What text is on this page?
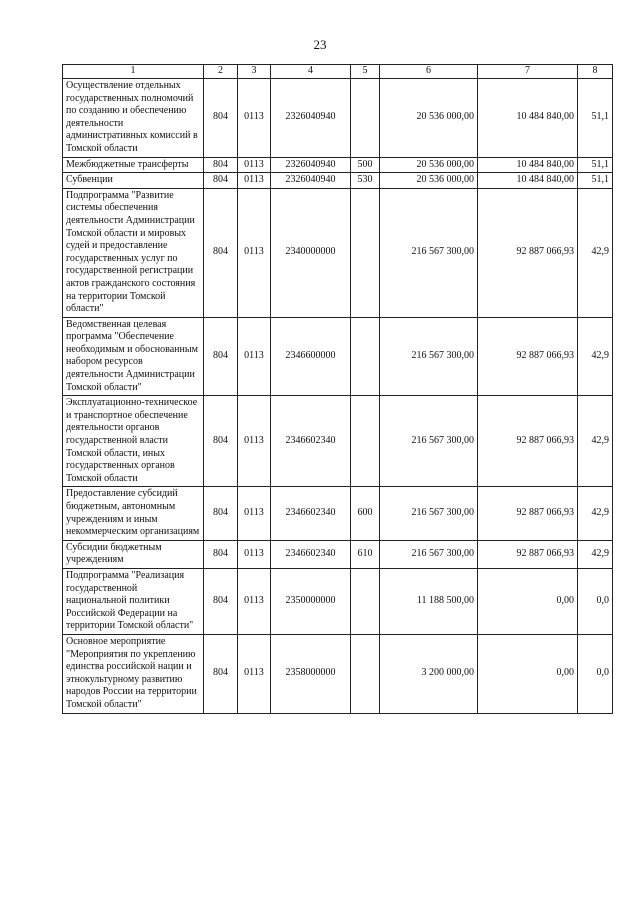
23
1	2	3	4	5	6	7	8
Осуществление отдельных государственных полномочий по созданию и обеспечению деятельности административных комиссий в Томской области	804	0113	2326040940		20 536 000,00	10 484 840,00	51,1
Межбюджетные трансферты	804	0113	2326040940	500	20 536 000,00	10 484 840,00	51,1
Субвенции	804	0113	2326040940	530	20 536 000,00	10 484 840,00	51,1
Подпрограмма "Развитие системы обеспечения деятельности Администрации Томской области и мировых судей и предоставление государственных услуг по государственной регистрации актов гражданского состояния на территории Томской области"	804	0113	2340000000		216 567 300,00	92 887 066,93	42,9
Ведомственная целевая программа "Обеспечение необходимым и обоснованным набором ресурсов деятельности Администрации Томской области"	804	0113	2346600000		216 567 300,00	92 887 066,93	42,9
Эксплуатационно-техническое и транспортное обеспечение деятельности органов государственной власти Томской области, иных государственных органов Томской области	804	0113	2346602340		216 567 300,00	92 887 066,93	42,9
Предоставление субсидий бюджетным, автономным учреждениям и иным некоммерческим организациям	804	0113	2346602340	600	216 567 300,00	92 887 066,93	42,9
Субсидии бюджетным учреждениям	804	0113	2346602340	610	216 567 300,00	92 887 066,93	42,9
Подпрограмма "Реализация государственной национальной политики Российской Федерации на территории Томской области"	804	0113	2350000000		11 188 500,00	0,00	0,0
Основное мероприятие "Мероприятия по укреплению единства российской нации и этнокультурному развитию народов России на территории Томской области"	804	0113	2358000000		3 200 000,00	0,00	0,0
